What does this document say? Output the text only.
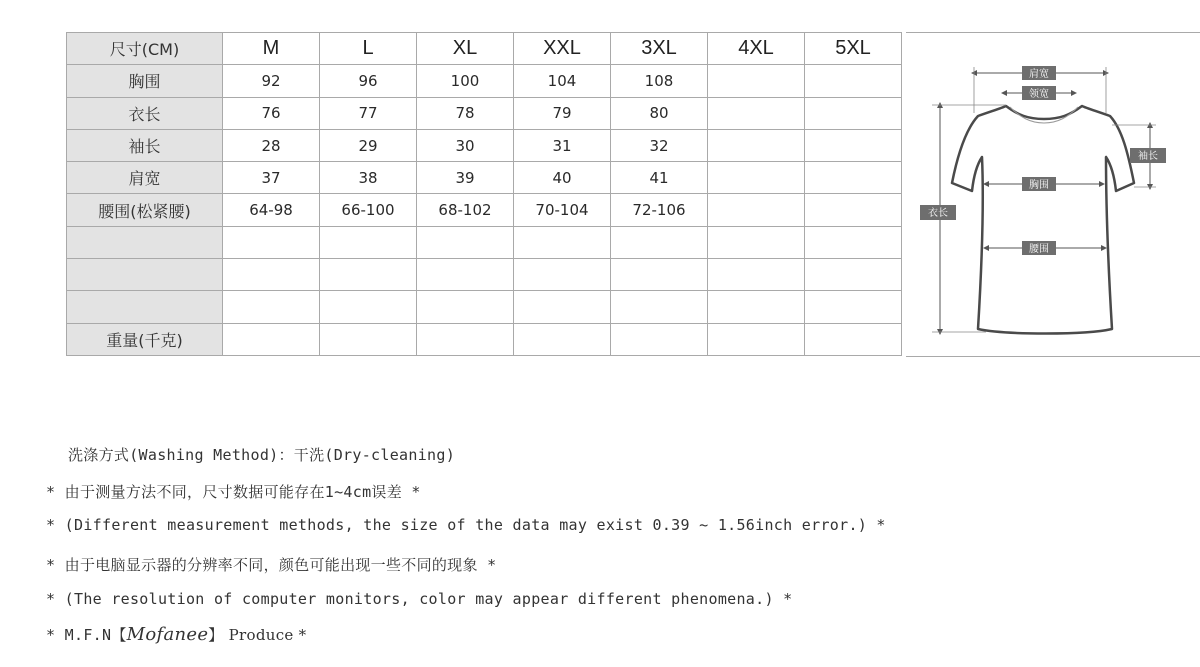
尺寸(CM)	M	L	XL	XXL	3XL	4XL	5XL
胸围	92	96	100	104	108		
衣长	76	77	78	79	80		
袖长	28	29	30	31	32		
肩宽	37	38	39	40	41		
腰围(松紧腰)	64-98	66-100	68-102	70-104	72-106		

重量(千克)							
肩宽
领宽
袖长
胸围
腰围
衣长
洗涤方式(Washing Method)：干洗(Dry-cleaning)
* 由于测量方法不同，尺寸数据可能存在1~4cm误差 *
* (Different measurement methods, the size of the data may exist 0.39 ~ 1.56inch error.) *
* 由于电脑显示器的分辨率不同，颜色可能出现一些不同的现象 *
* (The resolution of computer monitors, color may appear different phenomena.) *
* M.F.N【Mofanee】 Produce *
